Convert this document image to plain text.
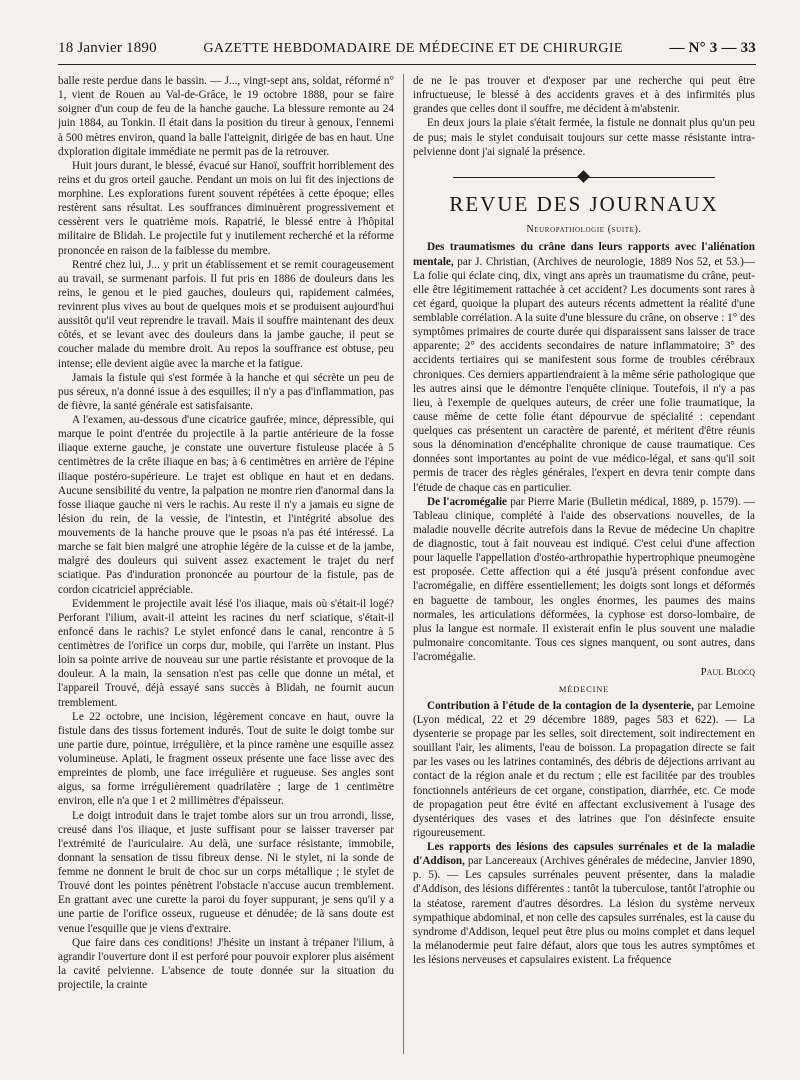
18 Janvier 1890	GAZETTE HEBDOMADAIRE DE MÉDECINE ET DE CHIRURGIE	— N° 3 — 33

balle reste perdue dans le bassin. — J..., vingt-sept ans, soldat, réformé n° 1, vient de Rouen au Val-de-Grâce, le 19 octobre 1888, pour se faire soigner d'un coup de feu de la hanche gauche. La blessure remonte au 24 juin 1884, au Tonkin. Il était dans la position du tireur à genoux, l'ennemi à 500 mètres environ, quand la balle l'atteignit, dirigée de bas en haut. Une dxploration digitale immédiate ne permit pas de la retrouver.

Huit jours durant, le blessé, évacué sur Hanoï, souffrit horriblement des reins et du gros orteil gauche. Pendant un mois on lui fit des injections de morphine. Les explorations furent souvent répétées à cette époque; elles restèrent sans résultat. Les souffrances diminuèrent progressivement et cessèrent vers le quatrième mois. Rapatrié, le blessé entre à l'hôpital militaire de Blidah. Le projectile fut y inutilement recherché et la réforme prononcée en raison de la faiblesse du membre.

Rentré chez lui, J... y prit un établissement et se remit courageusement au travail, se surmenant parfois. Il fut pris en 1886 de douleurs dans les reins, le genou et le pied gauches, douleurs qui, rapidement calmées, revinrent plus vives au bout de quelques mois et se produisent aujourd'hui aussitôt qu'il veut reprendre le travail. Mais il souffre maintenant des deux côtés, et se levant avec des douleurs dans la jambe gauche, il peut se coucher malade du membre droit. Au repos la souffrance est obtuse, peu intense; elle devient aigüe avec la marche et la fatigue.

Jamais la fistule qui s'est formée à la hanche et qui sécrète un peu de pus séreux, n'a donné issue à des esquilles; il n'y a pas d'inflammation, pas de fièvre, la santé générale est satisfaisante.

A l'examen, au-dessous d'une cicatrice gaufrée, mince, dépressible, qui marque le point d'entrée du projectile à la partie antérieure de la fosse iliaque externe gauche, je constate une ouverture fistuleuse placée à 5 centimètres de la crête iliaque en bas; à 6 centimètres en arrière de l'épine iliaque postéro-supérieure. Le trajet est oblique en haut et en dedans. Aucune sensibilité du ventre, la palpation ne montre rien d'anormal dans la fosse iliaque gauche ni vers le rachis. Au reste il n'y a jamais eu signe de lésion du rein, de la vessie, de l'intestin, et l'intégrité absolue des mouvements de la hanche prouve que le psoas n'a pas été intéressé. La marche se fait bien malgré une atrophie légère de la cuisse et de la jambe, malgré des douleurs qui suivent assez exactement le trajet du nerf sciatique. Pas d'induration prononcée au pourtour de la fistule, pas de cordon cicatriciel appréciable.

Evidemment le projectile avait lésé l'os iliaque, mais où s'était-il logé? Perforant l'ilium, avait-il atteint les racines du nerf sciatique, s'était-il enfoncé dans le rachis? Le stylet enfoncé dans le canal, rencontre à 5 centimètres de l'orifice un corps dur, mobile, qui l'arrête un instant. Plus loin sa pointe arrive de nouveau sur une partie résistante et provoque de la douleur. A la main, la sensation n'est pas celle que donne un métal, et l'appareil Trouvé, déjà essayé sans succès à Blidah, ne fournit aucun tremblement.

Le 22 octobre, une incision, légèrement concave en haut, ouvre la fistule dans des tissus fortement indurés. Tout de suite le doigt tombe sur une partie dure, pointue, irrégulière, et la pince ramène une esquille assez volumineuse. Aplati, le fragment osseux présente une face lisse avec des empreintes de plomb, une face irrégulière et rugueuse. Ses angles sont aigus, sa forme irrégulièrement quadrilatère ; large de 1 centimètre environ, elle n'a que 1 et 2 millimètres d'épaisseur.

Le doigt introduit dans le trajet tombe alors sur un trou arrondi, lisse, creusé dans l'os iliaque, et juste suffisant pour se laisser traverser par l'extrémité de l'auriculaire. Au delà, une surface résistante, immobile, donnant la sensation de tissu fibreux dense. Ni le stylet, ni la sonde de femme ne donnent le bruit de choc sur un corps métallique ; le stylet de Trouvé dont les pointes pénètrent l'obstacle n'accuse aucun tremblement. En grattant avec une curette la paroi du foyer suppurant, je sens qu'il y a une partie de l'orifice osseux, rugueuse et dénudée; de là sans doute est venue l'esquille que je viens d'extraire.

Que faire dans ces conditions! J'hésite un instant à trépaner l'ilium, à agrandir l'ouverture dont il est perforé pour pouvoir explorer plus aisément la cavité pelvienne. L'absence de toute donnée sur la situation du projectile, la crainte

de ne le pas trouver et d'exposer par une recherche qui peut être infructueuse, le blessé à des accidents graves et à des infirmités plus grandes que celles dont il souffre, me décident à m'abstenir.

En deux jours la plaie s'était fermée, la fistule ne donnait plus qu'un peu de pus; mais le stylet conduisait toujours sur cette masse résistante intra-pelvienne dont j'ai signalé la présence.

REVUE DES JOURNAUX
Neuropathologie (suite).

Des traumatismes du crâne dans leurs rapports avec l'aliénation mentale, par J. Christian, (Archives de neurologie, 1889 Nos 52, et 53.)—La folie qui éclate cinq, dix, vingt ans après un traumatisme du crâne, peut-elle être légitimement rattachée à cet accident? Les documents sont rares à cet égard, quoique la plupart des auteurs récents admettent la réalité d'une semblable corrélation. A la suite d'une blessure du crâne, on observe : 1° des symptômes primaires de courte durée qui disparaissent sans laisser de trace apparente; 2° des accidents secondaires de nature inflammatoire; 3° des accidents tertiaires qui se manifestent sous forme de troubles cérébraux chroniques. Ces derniers appartiendraient à la même série pathologique que les autres ainsi que le démontre l'enquête clinique. Toutefois, il n'y a pas lieu, à l'exemple de quelques auteurs, de créer une folie traumatique, la cause même de cette folie étant dépourvue de spécialité : cependant quelques cas présentent un caractère de parenté, et méritent d'être réunis sous la dénomination d'encéphalite chronique de cause traumatique. Ces données sont importantes au point de vue médico-légal, et sans qu'il soit permis de tracer des règles générales, l'expert en devra tenir compte dans l'étude de chaque cas en particulier.

De l'acromégalie par Pierre Marie (Bulletin médical, 1889, p. 1579). — Tableau clinique, complété à l'aide des observations nouvelles, de la maladie nouvelle décrite autrefois dans la Revue de médecine Un chapitre de diagnostic, tout à fait nouveau est indiqué. C'est celui d'une affection pour laquelle l'appellation d'ostéo-arthropathie hypertrophique pneumogène est proposée. Cette affection qui a été jusqu'à présent confondue avec l'acromégalie, en diffère essentiellement; les doigts sont longs et déformés en baguette de tambour, les ongles énormes, les paumes des mains normales, les articulations déformées, la cyphose est dorso-lombaire, de plus la langue est normale. Il existerait enfin le plus souvent une maladie pulmonaire concomitante. Tous ces signes manquent, ou sont autres, dans l'acromégalie.

Paul Blocq
MÉDECINE

Contribution à l'étude de la contagion de la dysenterie, par Lemoine (Lyon médical, 22 et 29 décembre 1889, pages 583 et 622). — La dysenterie se propage par les selles, soit directement, soit indirectement en souillant l'air, les aliments, l'eau de boisson. La propagation directe se fait par les vases ou les latrines contaminés, des débris de déjections arrivant au contact de la région anale et du rectum ; elle est facilitée par des troubles fonctionnels antérieurs de cet organe, constipation, diarrhée, etc. Ce mode de propagation peut être évité en affectant exclusivement à l'usage des dysentériques des vases et des latrines que l'on désinfecte ensuite rigoureusement.

Les rapports des lésions des capsules surrénales et de la maladie d'Addison, par Lancereaux (Archives générales de médecine, Janvier 1890, p. 5). — Les capsules surrénales peuvent présenter, dans la maladie d'Addison, des lésions différentes : tantôt la tuberculose, tantôt l'atrophie ou la stéatose, rarement d'autres désordres. La lésion du système nerveux sympathique abdominal, et non celle des capsules surrénales, est la cause du syndrome d'Addison, lequel peut être plus ou moins complet et dans lequel la mélanodermie peut faire défaut, alors que tous les autres symptômes et les lésions nerveuses et capsulaires existent. La fréquence
